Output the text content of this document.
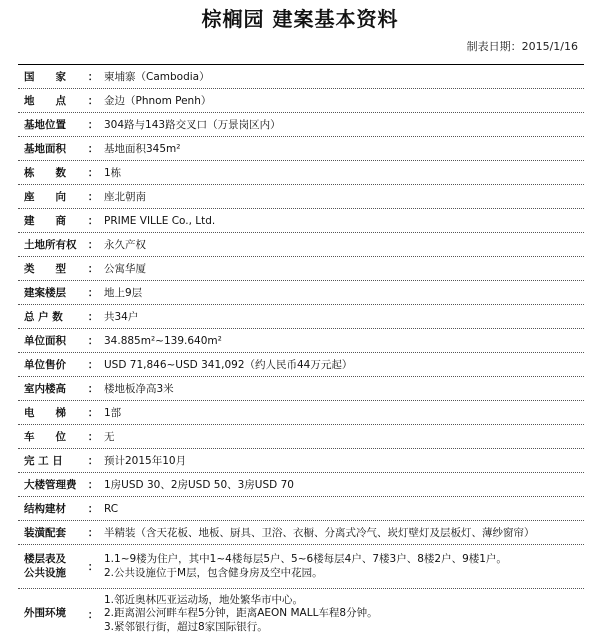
棕榈园 建案基本资料
制表日期：2015/1/16
国　　家	： 柬埔寨（Cambodia）
地　　点	： 金边（Phnom Penh）
基地位置	： 304路与143路交叉口（万景岗区内）
基地面积	： 基地面积345m²
栋　　数	： 1栋
座　　向	： 座北朝南
建　　商	： PRIME VILLE Co., Ltd.
土地所有权	： 永久产权
类　　型	： 公寓华厦
建案楼层	： 地上9层
总 户 数	： 共34户
单位面积	： 34.885m²~139.640m²
单位售价	： USD 71,846~USD 341,092（约人民币44万元起）
室内楼高	： 楼地板净高3米
电　　梯	： 1部
车　　位	： 无
完 工 日	： 预计2015年10月
大楼管理费	： 1房USD 30、2房USD 50、3房USD 70
结构建材	： RC
装潢配套	： 半精装（含天花板、地板、厨具、卫浴、衣橱、分离式冷气、崁灯壁灯及层板灯、薄纱窗帘）
楼层表及
公共设施	：
1.1~9楼为住户，其中1~4楼每层5户、5~6楼每层4户、7楼3户、8楼2户、9楼1户。
2.公共设施位于M层，包含健身房及空中花园。
外围环境	：
1.邻近奥林匹亚运动场，地处繁华市中心。
2.距离湄公河畔车程5分钟，距离AEON MALL车程8分钟。
3.紧邻银行街，超过8家国际银行。
